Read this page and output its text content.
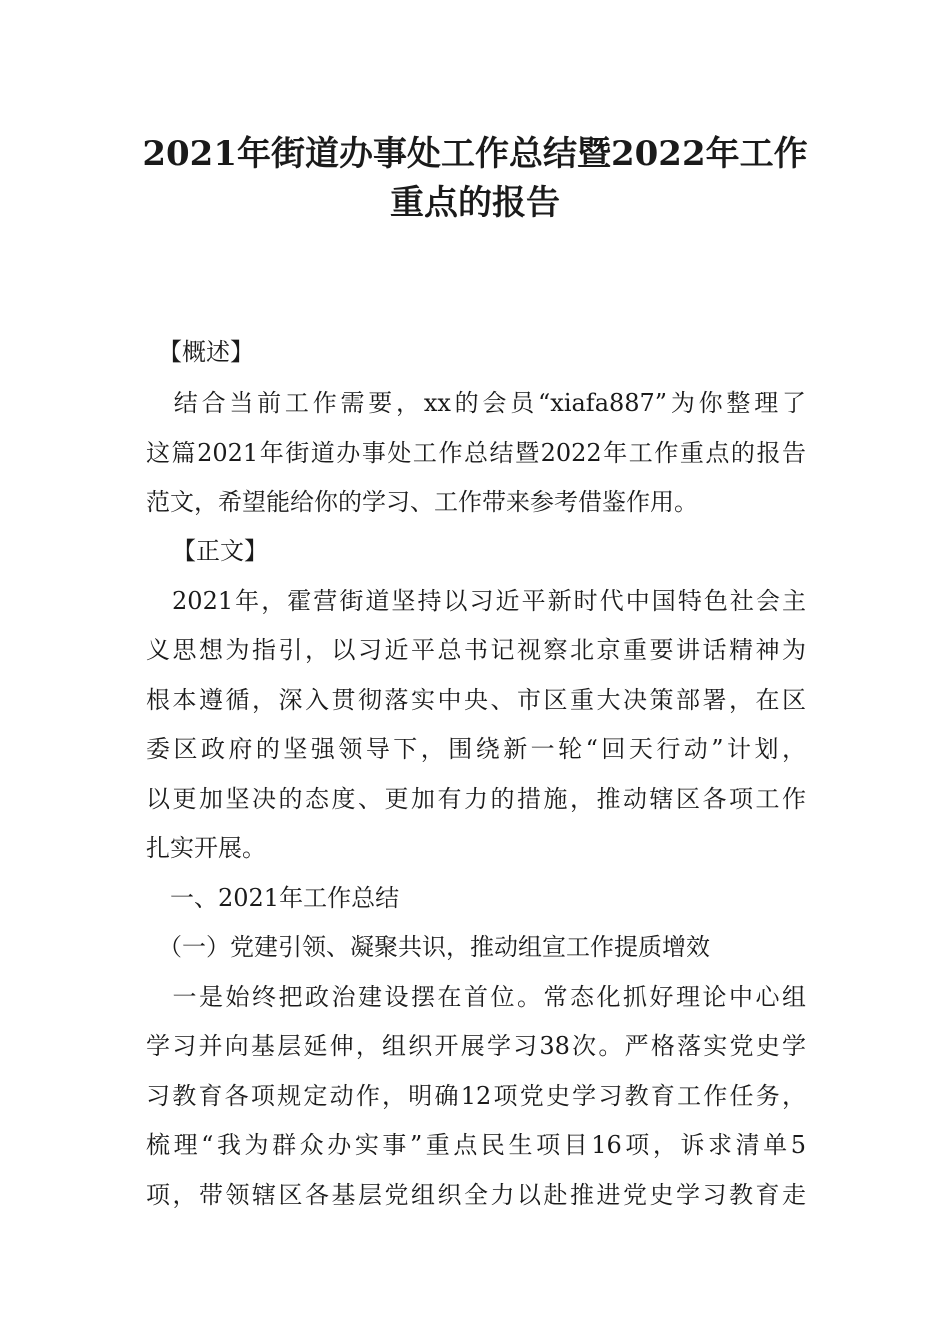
2021年街道办事处工作总结暨2022年工作
重点的报告
　【概述】
　结合当前工作需要，xx的会员“xiafa887”为你整理了
这篇2021年街道办事处工作总结暨2022年工作重点的报告
范文，希望能给你的学习、工作带来参考借鉴作用。
【正文】
　2021年，霍营街道坚持以习近平新时代中国特色社会主
义思想为指引，以习近平总书记视察北京重要讲话精神为
根本遵循，深入贯彻落实中央、市区重大决策部署，在区
委区政府的坚强领导下，围绕新一轮“回天行动”计划，
以更加坚决的态度、更加有力的措施，推动辖区各项工作
扎实开展。
　一、2021年工作总结
　（一）党建引领、凝聚共识，推动组宣工作提质增效
　一是始终把政治建设摆在首位。常态化抓好理论中心组
学习并向基层延伸，组织开展学习38次。严格落实党史学
习教育各项规定动作，明确12项党史学习教育工作任务，
梳理“我为群众办实事”重点民生项目16项，诉求清单5
项，带领辖区各基层党组织全力以赴推进党史学习教育走
